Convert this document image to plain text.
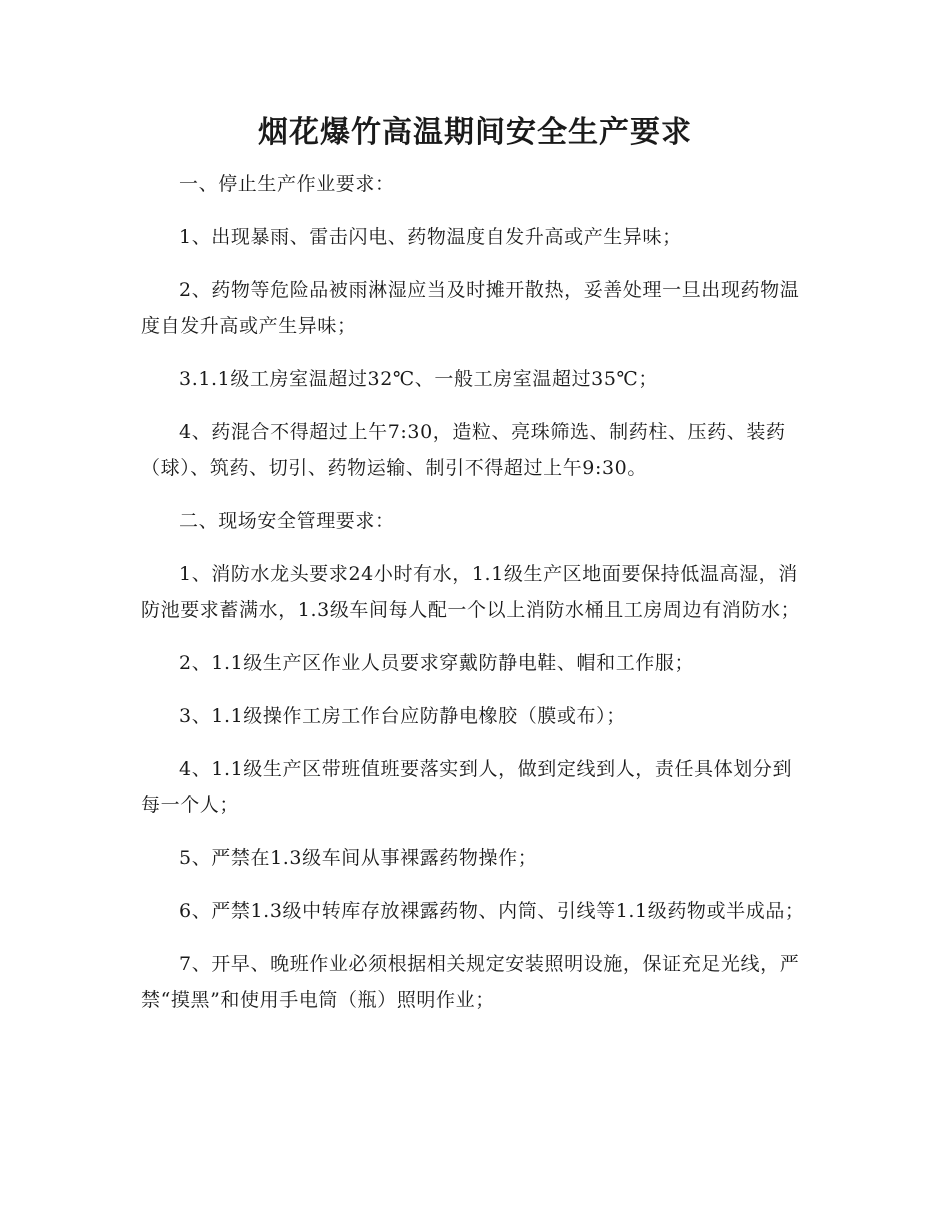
烟花爆竹高温期间安全生产要求

一、停止生产作业要求：

1、出现暴雨、雷击闪电、药物温度自发升高或产生异味；

2、药物等危险品被雨淋湿应当及时摊开散热，妥善处理一旦出现药物温度自发升高或产生异味；

3.1.1级工房室温超过32℃、一般工房室温超过35℃；

4、药混合不得超过上午7:30，造粒、亮珠筛选、制药柱、压药、装药（球）、筑药、切引、药物运输、制引不得超过上午9:30。

二、现场安全管理要求：

1、消防水龙头要求24小时有水，1.1级生产区地面要保持低温高湿，消防池要求蓄满水，1.3级车间每人配一个以上消防水桶且工房周边有消防水；

2、1.1级生产区作业人员要求穿戴防静电鞋、帽和工作服；

3、1.1级操作工房工作台应防静电橡胶（膜或布）；

4、1.1级生产区带班值班要落实到人，做到定线到人，责任具体划分到每一个人；

5、严禁在1.3级车间从事裸露药物操作；

6、严禁1.3级中转库存放裸露药物、内筒、引线等1.1级药物或半成品；

7、开早、晚班作业必须根据相关规定安装照明设施，保证充足光线，严禁“摸黑”和使用手电筒（瓶）照明作业；
